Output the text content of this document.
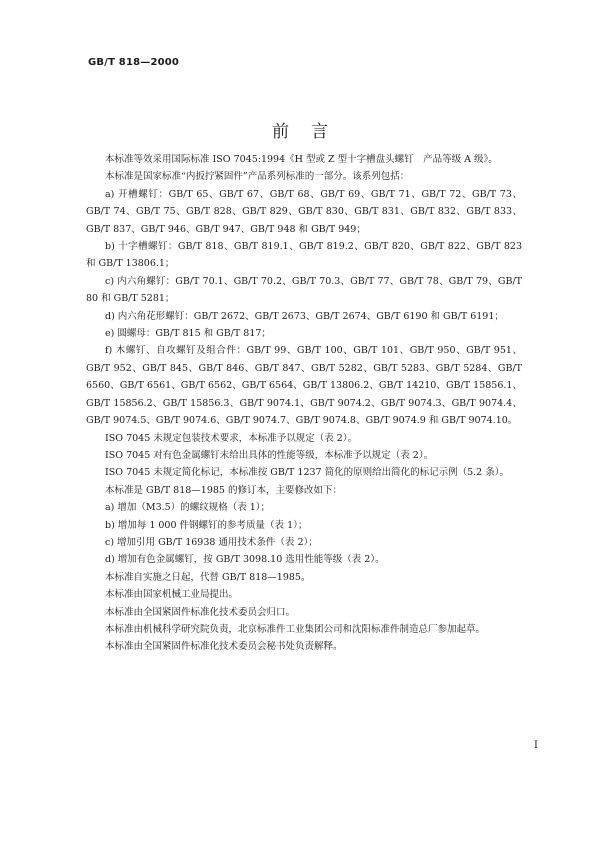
GB/T 818—2000
前言

本标准等效采用国际标准 ISO 7045:1994《H 型或 Z 型十字槽盘头螺钉　产品等级 A 级》。

本标准是国家标准“内扳拧紧固件”产品系列标准的一部分。该系列包括：

a) 开槽螺钉：GB/T 65、GB/T 67、GB/T 68、GB/T 69、GB/T 71、GB/T 72、GB/T 73、GB/T 74、GB/T 75、GB/T 828、GB/T 829、GB/T 830、GB/T 831、GB/T 832、GB/T 833、GB/T 837、GB/T 946、GB/T 947、GB/T 948 和 GB/T 949；

b) 十字槽螺钉：GB/T 818、GB/T 819.1、GB/T 819.2、GB/T 820、GB/T 822、GB/T 823 和 GB/T 13806.1；

c) 内六角螺钉：GB/T 70.1、GB/T 70.2、GB/T 70.3、GB/T 77、GB/T 78、GB/T 79、GB/T 80 和 GB/T 5281；

d) 内六角花形螺钉：GB/T 2672、GB/T 2673、GB/T 2674、GB/T 6190 和 GB/T 6191；

e) 圆螺母：GB/T 815 和 GB/T 817；

f) 木螺钉、自攻螺钉及组合件：GB/T 99、GB/T 100、GB/T 101、GB/T 950、GB/T 951、GB/T 952、GB/T 845、GB/T 846、GB/T 847、GB/T 5282、GB/T 5283、GB/T 5284、GB/T 6560、GB/T 6561、GB/T 6562、GB/T 6564、GB/T 13806.2、GB/T 14210、GB/T 15856.1、GB/T 15856.2、GB/T 15856.3、GB/T 9074.1、GB/T 9074.2、GB/T 9074.3、GB/T 9074.4、GB/T 9074.5、GB/T 9074.6、GB/T 9074.7、GB/T 9074.8、GB/T 9074.9 和 GB/T 9074.10。

ISO 7045 未规定包装技术要求，本标准予以规定（表 2）。

ISO 7045 对有色金属螺钉未给出具体的性能等级，本标准予以规定（表 2）。

ISO 7045 未规定简化标记，本标准按 GB/T 1237 简化的原则给出简化的标记示例（5.2 条）。

本标准是 GB/T 818—1985 的修订本，主要修改如下：

a) 增加（M3.5）的螺纹规格（表 1）；

b) 增加每 1 000 件钢螺钉的参考质量（表 1）；

c) 增加引用 GB/T 16938 通用技术条件（表 2）；

d) 增加有色金属螺钉，按 GB/T 3098.10 选用性能等级（表 2）。

本标准自实施之日起，代替 GB/T 818—1985。

本标准由国家机械工业局提出。

本标准由全国紧固件标准化技术委员会归口。

本标准由机械科学研究院负责，北京标准件工业集团公司和沈阳标准件制造总厂参加起草。

本标准由全国紧固件标准化技术委员会秘书处负责解释。

I
